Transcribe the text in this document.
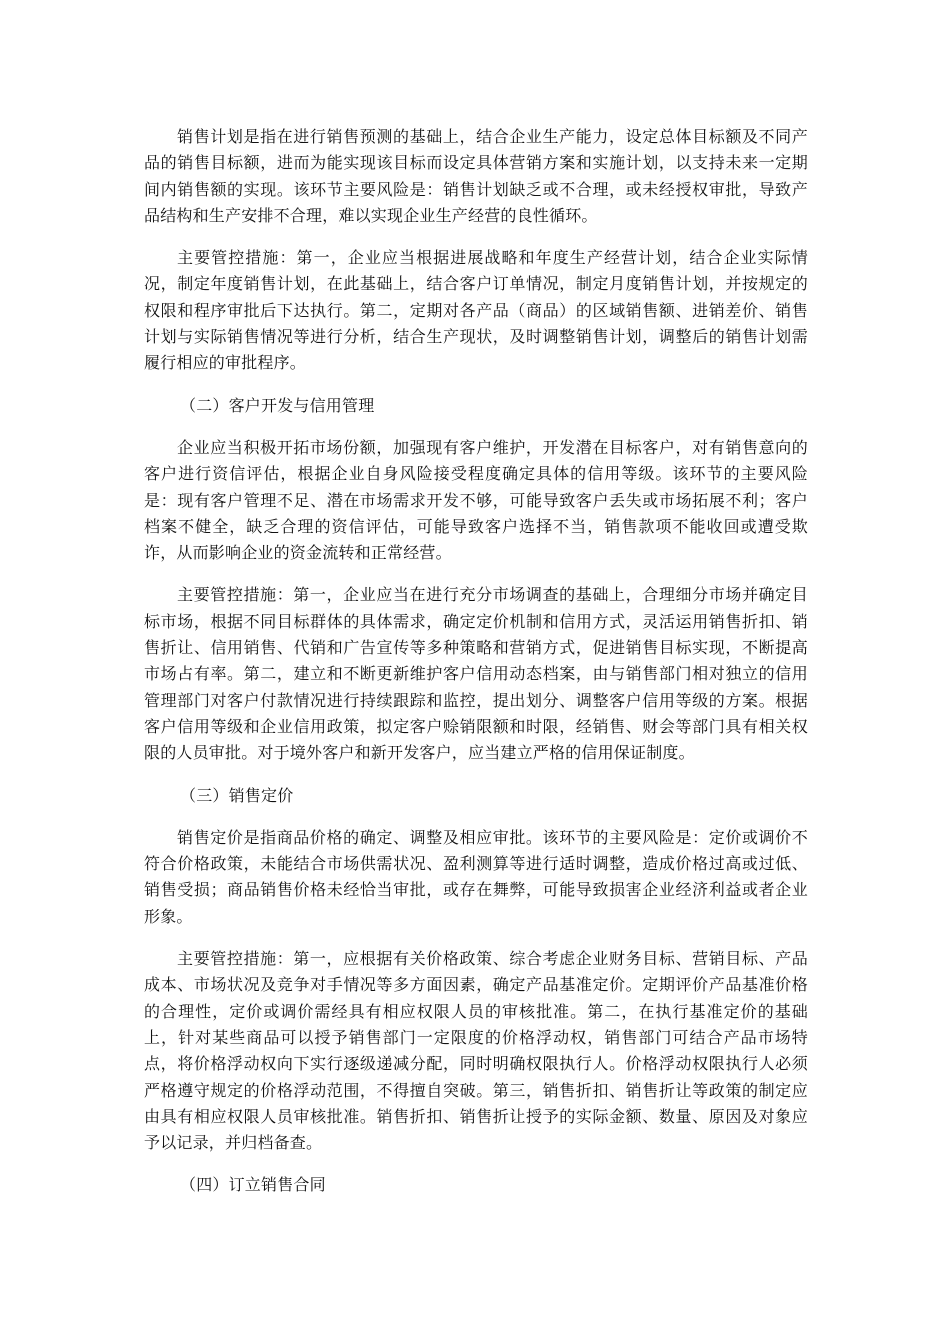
销售计划是指在进行销售预测的基础上，结合企业生产能力，设定总体目标额及不同产品的销售目标额，进而为能实现该目标而设定具体营销方案和实施计划，以支持未来一定期间内销售额的实现。该环节主要风险是：销售计划缺乏或不合理，或未经授权审批，导致产品结构和生产安排不合理，难以实现企业生产经营的良性循环。

主要管控措施：第一，企业应当根据进展战略和年度生产经营计划，结合企业实际情况，制定年度销售计划，在此基础上，结合客户订单情况，制定月度销售计划，并按规定的权限和程序审批后下达执行。第二，定期对各产品（商品）的区域销售额、进销差价、销售计划与实际销售情况等进行分析，结合生产现状，及时调整销售计划，调整后的销售计划需履行相应的审批程序。

（二）客户开发与信用管理

企业应当积极开拓市场份额，加强现有客户维护，开发潜在目标客户，对有销售意向的客户进行资信评估，根据企业自身风险接受程度确定具体的信用等级。该环节的主要风险是：现有客户管理不足、潜在市场需求开发不够，可能导致客户丢失或市场拓展不利；客户档案不健全，缺乏合理的资信评估，可能导致客户选择不当，销售款项不能收回或遭受欺诈，从而影响企业的资金流转和正常经营。

主要管控措施：第一，企业应当在进行充分市场调查的基础上，合理细分市场并确定目标市场，根据不同目标群体的具体需求，确定定价机制和信用方式，灵活运用销售折扣、销售折让、信用销售、代销和广告宣传等多种策略和营销方式，促进销售目标实现，不断提高市场占有率。第二，建立和不断更新维护客户信用动态档案，由与销售部门相对独立的信用管理部门对客户付款情况进行持续跟踪和监控，提出划分、调整客户信用等级的方案。根据客户信用等级和企业信用政策，拟定客户赊销限额和时限，经销售、财会等部门具有相关权限的人员审批。对于境外客户和新开发客户，应当建立严格的信用保证制度。

（三）销售定价

销售定价是指商品价格的确定、调整及相应审批。该环节的主要风险是：定价或调价不符合价格政策，未能结合市场供需状况、盈利测算等进行适时调整，造成价格过高或过低、销售受损；商品销售价格未经恰当审批，或存在舞弊，可能导致损害企业经济利益或者企业形象。

主要管控措施：第一，应根据有关价格政策、综合考虑企业财务目标、营销目标、产品成本、市场状况及竞争对手情况等多方面因素，确定产品基准定价。定期评价产品基准价格的合理性，定价或调价需经具有相应权限人员的审核批准。第二，在执行基准定价的基础上，针对某些商品可以授予销售部门一定限度的价格浮动权，销售部门可结合产品市场特点，将价格浮动权向下实行逐级递减分配，同时明确权限执行人。价格浮动权限执行人必须严格遵守规定的价格浮动范围，不得擅自突破。第三，销售折扣、销售折让等政策的制定应由具有相应权限人员审核批准。销售折扣、销售折让授予的实际金额、数量、原因及对象应予以记录，并归档备查。

（四）订立销售合同
